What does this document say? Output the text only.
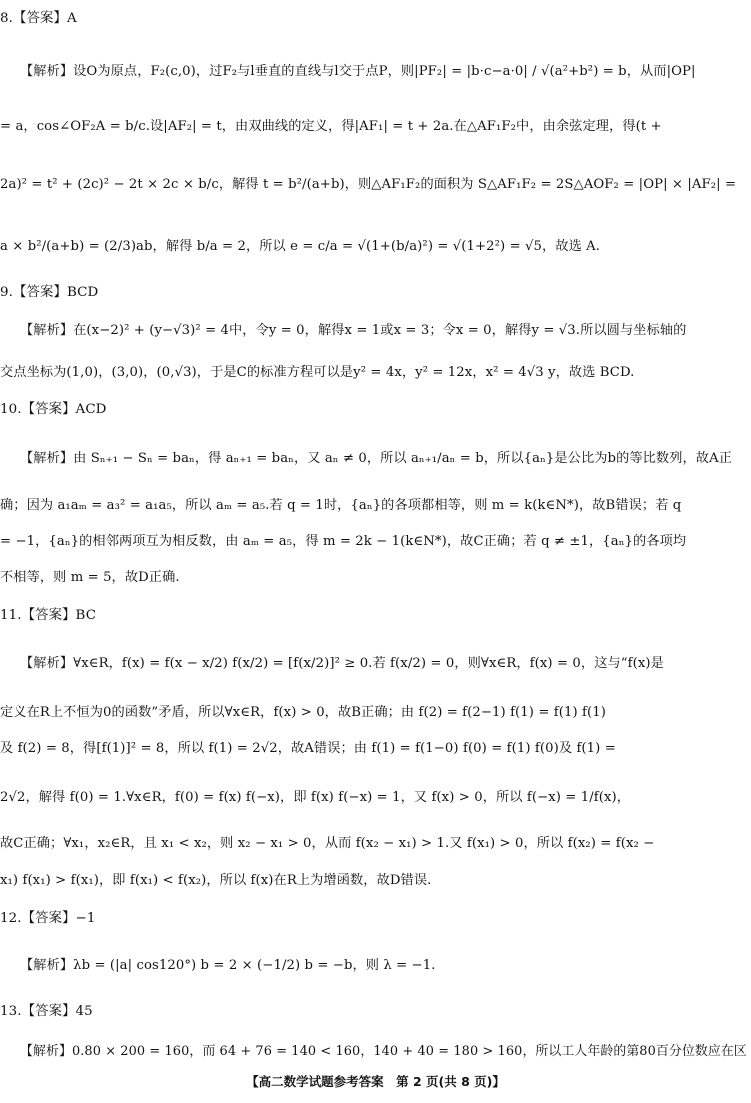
8.【答案】A
【解析】设O为原点，F₂(c,0)，过F₂与l垂直的直线与l交于点P，则|PF₂| = |b·c−a·0| / √(a²+b²) = b，从而|OP|
= a，cos∠OF₂A = b/c.设|AF₂| = t，由双曲线的定义，得|AF₁| = t + 2a.在△AF₁F₂中，由余弦定理，得(t +
2a)² = t² + (2c)² − 2t × 2c × b/c，解得 t = b²/(a+b)，则△AF₁F₂的面积为 S△AF₁F₂ = 2S△AOF₂ = |OP| × |AF₂| =
a × b²/(a+b) = (2/3)ab，解得 b/a = 2，所以 e = c/a = √(1+(b/a)²) = √(1+2²) = √5，故选 A.
9.【答案】BCD
【解析】在(x−2)² + (y−√3)² = 4中，令y = 0，解得x = 1或x = 3；令x = 0，解得y = √3.所以圆与坐标轴的
交点坐标为(1,0)，(3,0)，(0,√3)，于是C的标准方程可以是y² = 4x，y² = 12x，x² = 4√3 y，故选 BCD.
10.【答案】ACD
【解析】由 Sₙ₊₁ − Sₙ = baₙ，得 aₙ₊₁ = baₙ，又 aₙ ≠ 0，所以 aₙ₊₁/aₙ = b，所以{aₙ}是公比为b的等比数列，故A正
确；因为 a₁aₘ = a₃² = a₁a₅，所以 aₘ = a₅.若 q = 1时，{aₙ}的各项都相等，则 m = k(k∈N*)，故B错误；若 q
= −1，{aₙ}的相邻两项互为相反数，由 aₘ = a₅，得 m = 2k − 1(k∈N*)，故C正确；若 q ≠ ±1，{aₙ}的各项均
不相等，则 m = 5，故D正确.
11.【答案】BC
【解析】∀x∈R，f(x) = f(x − x/2) f(x/2) = [f(x/2)]² ≥ 0.若 f(x/2) = 0，则∀x∈R，f(x) = 0，这与“f(x)是
定义在R上不恒为0的函数”矛盾，所以∀x∈R，f(x) > 0，故B正确；由 f(2) = f(2−1) f(1) = f(1) f(1)
及 f(2) = 8，得[f(1)]² = 8，所以 f(1) = 2√2，故A错误；由 f(1) = f(1−0) f(0) = f(1) f(0)及 f(1) =
2√2，解得 f(0) = 1.∀x∈R，f(0) = f(x) f(−x)，即 f(x) f(−x) = 1，又 f(x) > 0，所以 f(−x) = 1/f(x)，
故C正确；∀x₁，x₂∈R，且 x₁ < x₂，则 x₂ − x₁ > 0，从而 f(x₂ − x₁) > 1.又 f(x₁) > 0，所以 f(x₂) = f(x₂ −
x₁) f(x₁) > f(x₁)，即 f(x₁) < f(x₂)，所以 f(x)在R上为增函数，故D错误.
12.【答案】−1
【解析】λb = (|a| cos120°) b = 2 × (−1/2) b = −b，则 λ = −1.
13.【答案】45
【解析】0.80 × 200 = 160，而 64 + 76 = 140 < 160，140 + 40 = 180 > 160，所以工人年龄的第80百分位数应在区
【高二数学试题参考答案　第 2 页(共 8 页)】
